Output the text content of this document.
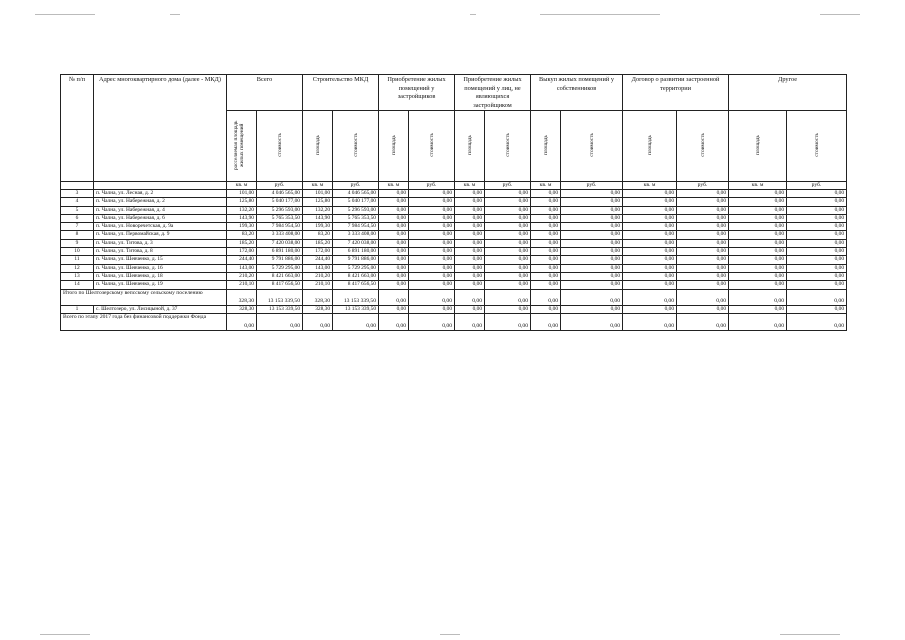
№ п/п	Адрес многоквартирного дома (далее - МКД)	Всего		Строительство МКД		Приобретение жилых помещений у застройщиков		Приобретение жилых помещений у лиц, не являющихся застройщиком		Выкуп жилых помещений у собственников		Договор о развитии застроенной территории		Другое	
		расселяемая площадь жилых помещений	стоимость	площадь	стоимость	площадь	стоимость	площадь	стоимость	площадь	стоимость	площадь	стоимость	площадь	стоимость
		кв. м	руб.	кв. м	руб.	кв. м	руб.	кв. м	руб.	кв. м	руб.	кв. м	руб.	кв. м	руб.
3	п. Чална, ул. Лесная, д. 2	101,00	4 046 565,00	101,00	4 046 565,00	0,00	0,00	0,00	0,00	0,00	0,00	0,00	0,00	0,00	0,00
4	п. Чална, ул. Набережная, д. 2	125,80	5 040 177,00	125,80	5 040 177,00	0,00	0,00	0,00	0,00	0,00	0,00	0,00	0,00	0,00	0,00
5	п. Чална, ул. Набережная, д. 4	132,20	5 296 593,00	132,20	5 296 593,00	0,00	0,00	0,00	0,00	0,00	0,00	0,00	0,00	0,00	0,00
6	п. Чална, ул. Набережная, д. 6	143,90	5 765 353,50	143,90	5 765 353,50	0,00	0,00	0,00	0,00	0,00	0,00	0,00	0,00	0,00	0,00
7	п. Чална, ул. Новоречетская, д. 9а	199,30	7 984 954,50	199,30	7 984 954,50	0,00	0,00	0,00	0,00	0,00	0,00	0,00	0,00	0,00	0,00
8	п. Чална, ул. Первомайская, д. 9	83,20	3 333 408,00	83,20	3 333 408,00	0,00	0,00	0,00	0,00	0,00	0,00	0,00	0,00	0,00	0,00
9	п. Чална, ул. Титова, д. 3	185,20	7 420 038,00	185,20	7 420 038,00	0,00	0,00	0,00	0,00	0,00	0,00	0,00	0,00	0,00	0,00
10	п. Чална, ул. Титова, д. 8	172,00	6 891 180,00	172,00	6 891 180,00	0,00	0,00	0,00	0,00	0,00	0,00	0,00	0,00	0,00	0,00
11	п. Чална, ул. Шевченко, д. 15	244,40	9 791 886,00	244,40	9 791 886,00	0,00	0,00	0,00	0,00	0,00	0,00	0,00	0,00	0,00	0,00
12	п. Чална, ул. Шевченко, д. 16	143,00	5 729 295,00	143,00	5 729 295,00	0,00	0,00	0,00	0,00	0,00	0,00	0,00	0,00	0,00	0,00
13	п. Чална, ул. Шевченко, д. 18	210,20	8 421 663,00	210,20	8 421 663,00	0,00	0,00	0,00	0,00	0,00	0,00	0,00	0,00	0,00	0,00
14	п. Чална, ул. Шевченко, д. 19	210,10	8 417 656,50	210,10	8 417 656,50	0,00	0,00	0,00	0,00	0,00	0,00	0,00	0,00	0,00	0,00
Итого по Шелтозерскому вепсскому сельскому поселению		328,30	13 153 339,50	328,30	13 153 339,50	0,00	0,00	0,00	0,00	0,00	0,00	0,00	0,00	0,00	0,00
1	с. Шелтозеро, ул. Лисицыной, д. 37	328,30	13 153 339,50	328,30	13 153 339,50	0,00	0,00	0,00	0,00	0,00	0,00	0,00	0,00	0,00	0,00
Всего по этапу 2017 года без финансовой поддержки Фонда		0,00	0,00	0,00	0,00	0,00	0,00	0,00	0,00	0,00	0,00	0,00	0,00	0,00	0,00
